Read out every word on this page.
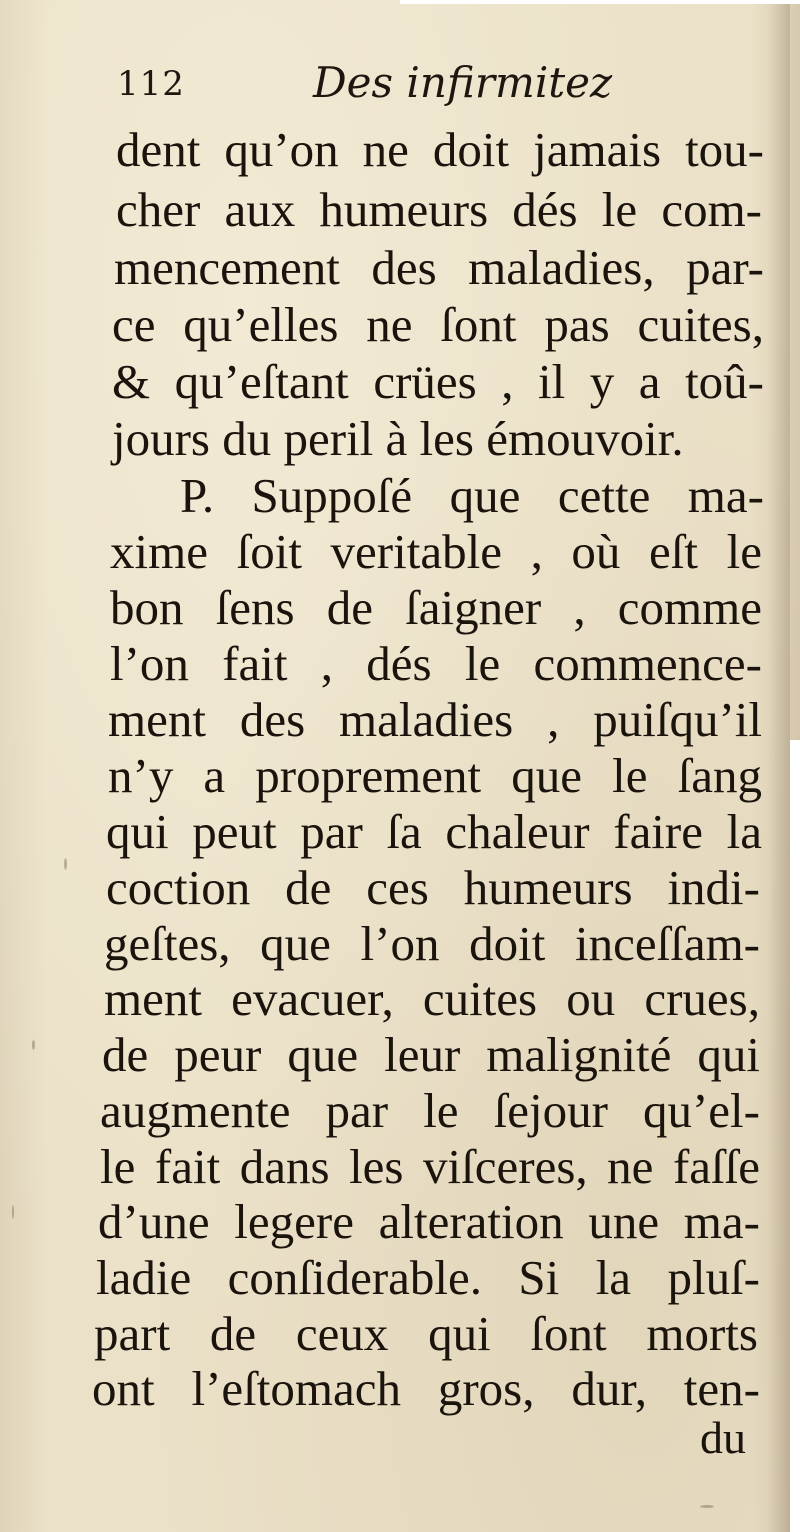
112	Des infirmitez
dent qu’on ne doit jamais tou-
cher aux humeurs dés le com-
mencement des maladies, par-
ce qu’elles ne ſont pas cuites,
& qu’eſtant crües , il y a toû-
jours du peril à les émouvoir.
P. Suppoſé que cette ma-
xime ſoit veritable , où eſt le
bon ſens de ſaigner , comme
l’on fait , dés le commence-
ment des maladies , puiſqu’il
n’y a proprement que le ſang
qui peut par ſa chaleur faire la
coction de ces humeurs indi-
geſtes, que l’on doit inceſſam-
ment evacuer, cuites ou crues,
de peur que leur malignité qui
augmente par le ſejour qu’el-
le fait dans les viſceres, ne faſſe
d’une legere alteration une ma-
ladie conſiderable. Si la pluſ-
part de ceux qui ſont morts
ont l’eſtomach gros, dur, ten-
du
